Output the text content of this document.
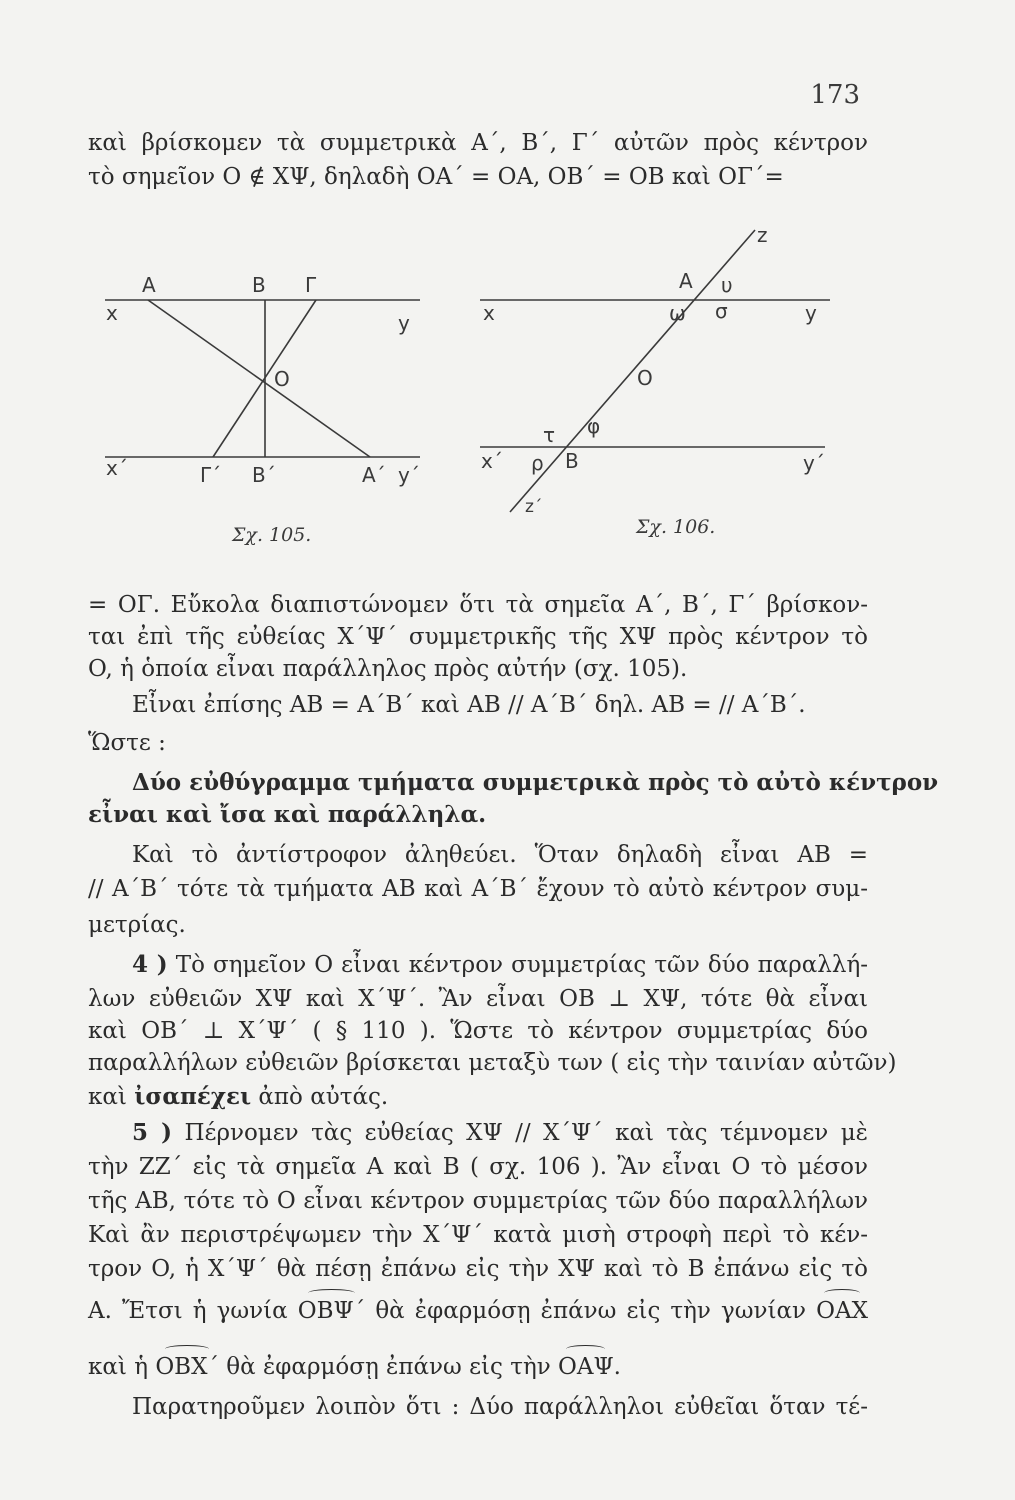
173
καὶ βρίσκομεν τὰ συμμετρικὰ A΄, B΄, Γ΄ αὐτῶν πρὸς κέντρον
τὸ σημεῖον O ∉ XΨ, δηλαδὴ OA΄ = OA, OB΄ = OB καὶ OΓ΄=
A	B Γ
x	y
O
x΄	Γ΄ B΄	A΄ y΄
z
A υ
x	ω σ	y
O
τ φ
x΄ ρ B	y΄
z΄
Σχ. 105.	Σχ. 106.
= OΓ. Εὔκολα διαπιστώνομεν ὅτι τὰ σημεῖα A΄, B΄, Γ΄ βρίσκον-
ται ἐπὶ τῆς εὐθείας X΄Ψ΄ συμμετρικῆς τῆς XΨ πρὸς κέντρον τὸ
O, ἡ ὁποία εἶναι παράλληλος πρὸς αὐτήν (σχ. 105).
Εἶναι ἐπίσης AB = A΄B΄ καὶ AB // A΄B΄ δηλ. AB = // A΄B΄.
Ὥστε :
Δύο εὐθύγραμμα τμήματα συμμετρικὰ πρὸς τὸ αὐτὸ κέντρον
εἶναι καὶ ἴσα καὶ παράλληλα.
Καὶ τὸ ἀντίστροφον ἀληθεύει. Ὅταν δηλαδὴ εἶναι AB =
// A΄B΄ τότε τὰ τμήματα AB καὶ A΄B΄ ἔχουν τὸ αὐτὸ κέντρον συμ-
μετρίας.
4 ) Τὸ σημεῖον O εἶναι κέντρον συμμετρίας τῶν δύο παραλλή-
λων εὐθειῶν XΨ καὶ X΄Ψ΄. Ἂν εἶναι OB ⊥ XΨ, τότε θὰ εἶναι
καὶ OB΄ ⊥ X΄Ψ΄ ( § 110 ). Ὥστε τὸ κέντρον συμμετρίας δύο
παραλλήλων εὐθειῶν βρίσκεται μεταξὺ των ( εἰς τὴν ταινίαν αὐτῶν)
καὶ ἰσαπέχει ἀπὸ αὐτάς.
5 ) Πέρνομεν τὰς εὐθείας XΨ // X΄Ψ΄ καὶ τὰς τέμνομεν μὲ
τὴν ZZ΄ εἰς τὰ σημεῖα A καὶ B ( σχ. 106 ). Ἂν εἶναι O τὸ μέσον
τῆς AB, τότε τὸ O εἶναι κέντρον συμμετρίας τῶν δύο παραλλήλων
Καὶ ἂν περιστρέψωμεν τὴν X΄Ψ΄ κατὰ μισὴ στροφὴ περὶ τὸ κέν-
τρον O, ἡ X΄Ψ΄ θὰ πέσῃ ἐπάνω εἰς τὴν XΨ καὶ τὸ B ἐπάνω εἰς τὸ
A. Ἔτσι ἡ γωνία OBΨ΄ θὰ ἐφαρμόσῃ ἐπάνω εἰς τὴν γωνίαν OAX
καὶ ἡ OBX΄ θὰ ἐφαρμόσῃ ἐπάνω εἰς τὴν OAΨ.
Παρατηροῦμεν λοιπὸν ὅτι : Δύο παράλληλοι εὐθεῖαι ὅταν τέ-
